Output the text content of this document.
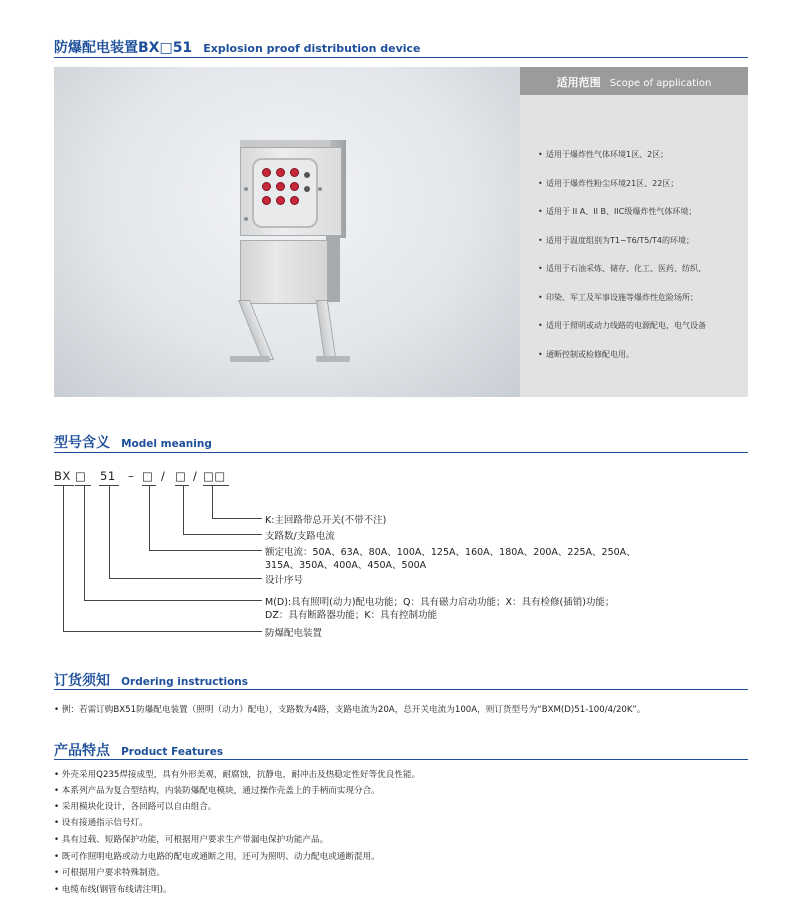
防爆配电装置BX□51 Explosion proof distribution device
适用范围 Scope of application
• 适用于爆炸性气体环境1区、2区；
• 适用于爆炸性粉尘环境21区、22区；
• 适用于 II A、II B、IIC级爆炸性气体环境；
• 适用于温度组别为T1~T6/T5/T4的环境；
• 适用于石油采炼、储存、化工、医药、纺织、
• 印染、军工及军事设施等爆炸性危险场所；
• 适用于照明或动力线路的电源配电，电气设备
• 通断控制或检修配电用。
型号含义 Model meaning
BX □ 51 – □ / □ / □□
K:主回路带总开关(不带不注)
支路数/支路电流
额定电流：50A、63A、80A、100A、125A、160A、180A、200A、225A、250A、
315A、350A、400A、450A、500A
设计序号
M(D):具有照明(动力)配电功能；Q：具有磁力启动功能；X：具有检修(插销)功能；
DZ：具有断路器功能；K：具有控制功能
防爆配电装置
订货须知 Ordering instructions
• 例：若需订购BX51防爆配电装置（照明（动力）配电），支路数为4路，支路电流为20A，总开关电流为100A，则订货型号为“BXM(D)51-100/4/20K”。
产品特点 Product Features
• 外壳采用Q235焊接成型，具有外形美观，耐腐蚀，抗静电，耐冲击及热稳定性好等优良性能。
• 本系列产品为复合型结构，内装防爆配电模块，通过操作壳盖上的手柄而实现分合。
• 采用模块化设计，各回路可以自由组合。
• 设有接通指示信号灯。
• 具有过载、短路保护功能，可根据用户要求生产带漏电保护功能产品。
• 既可作照明电路或动力电路的配电或通断之用，还可为照明、动力配电或通断混用。
• 可根据用户要求特殊制造。
• 电缆布线(钢管布线请注明)。
